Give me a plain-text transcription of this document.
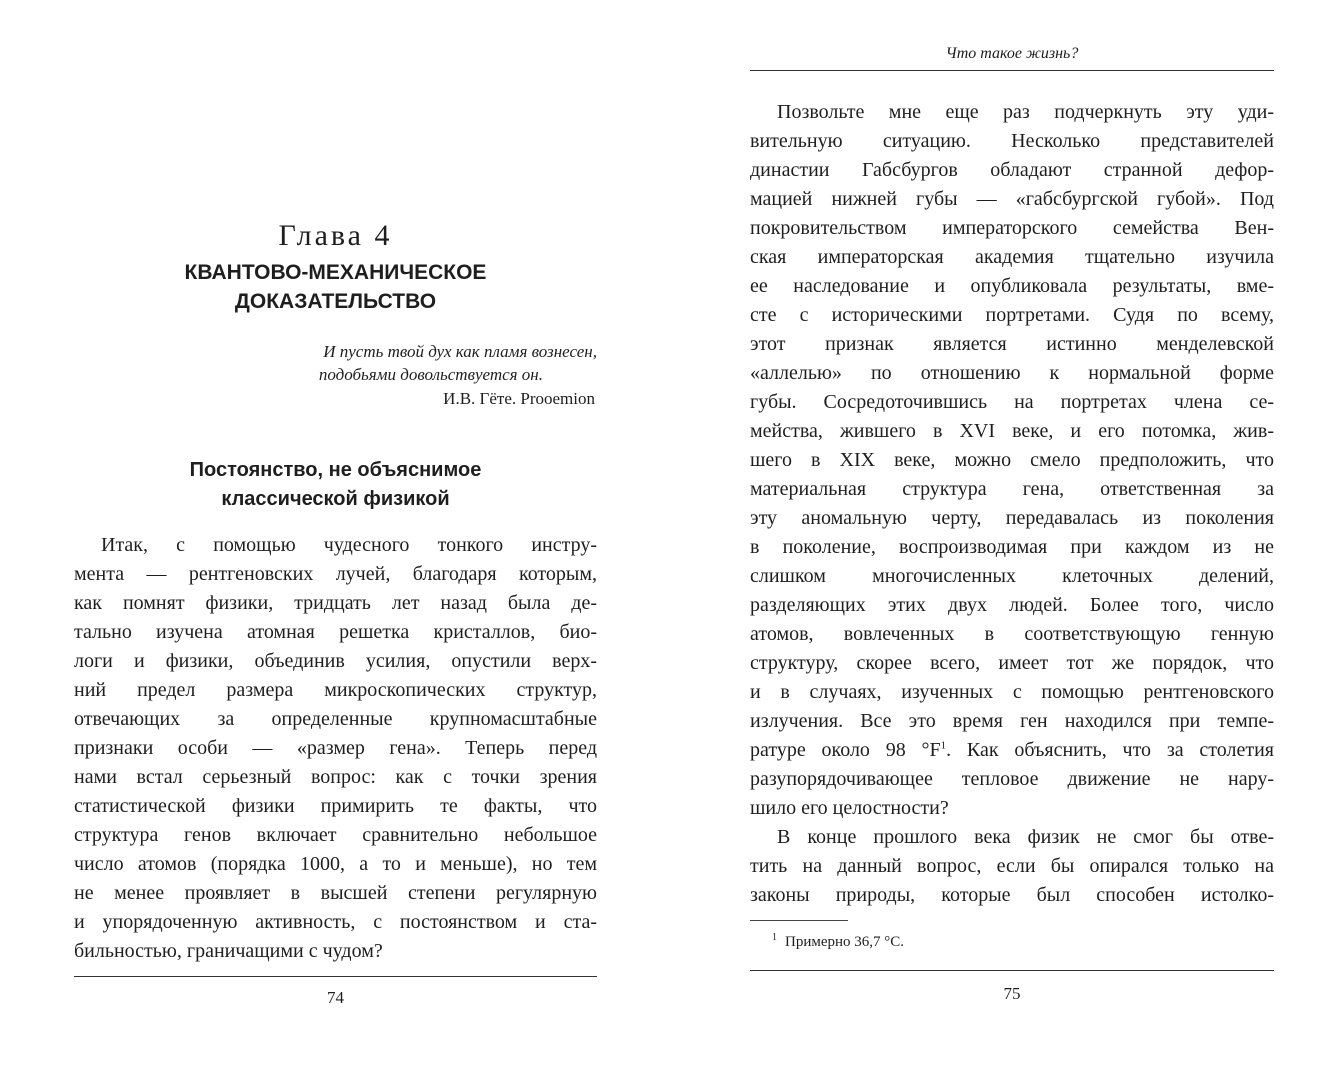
Глава 4
КВАНТОВО-МЕХАНИЧЕСКОЕ
ДОКАЗАТЕЛЬСТВО
И пусть твой дух как пламя вознесен,
подобьями довольствуется он.
И.В. Гёте. Prooemion
Постоянство, не объяснимое
классической физикой
Итак, с помощью чудесного тонкого инстру-
мента — рентгеновских лучей, благодаря которым,
как помнят физики, тридцать лет назад была де-
тально изучена атомная решетка кристаллов, био-
логи и физики, объединив усилия, опустили верх-
ний предел размера микроскопических структур,
отвечающих за определенные крупномасштабные
признаки особи — «размер гена». Теперь перед
нами встал серьезный вопрос: как с точки зрения
статистической физики примирить те факты, что
структура генов включает сравнительно небольшое
число атомов (порядка 1000, а то и меньше), но тем
не менее проявляет в высшей степени регулярную
и упорядоченную активность, с постоянством и ста-
бильностью, граничащими с чудом?
74
Что такое жизнь?
Позвольте мне еще раз подчеркнуть эту уди-
вительную ситуацию. Несколько представителей
династии Габсбургов обладают странной дефор-
мацией нижней губы — «габсбургской губой». Под
покровительством императорского семейства Вен-
ская императорская академия тщательно изучила
ее наследование и опубликовала результаты, вме-
сте с историческими портретами. Судя по всему,
этот признак является истинно менделевской
«аллелью» по отношению к нормальной форме
губы. Сосредоточившись на портретах члена се-
мейства, жившего в XVI веке, и его потомка, жив-
шего в XIX веке, можно смело предположить, что
материальная структура гена, ответственная за
эту аномальную черту, передавалась из поколения
в поколение, воспроизводимая при каждом из не
слишком многочисленных клеточных делений,
разделяющих этих двух людей. Более того, число
атомов, вовлеченных в соответствующую генную
структуру, скорее всего, имеет тот же порядок, что
и в случаях, изученных с помощью рентгеновского
излучения. Все это время ген находился при темпе-
ратуре около 98 °F$^1$. Как объяснить, что за столетия
разупорядочивающее тепловое движение не нару-
шило его целостности?
В конце прошлого века физик не смог бы отве-
тить на данный вопрос, если бы опирался только на
законы природы, которые был способен истолко-
$^1$ Примерно 36,7 °С.
75
